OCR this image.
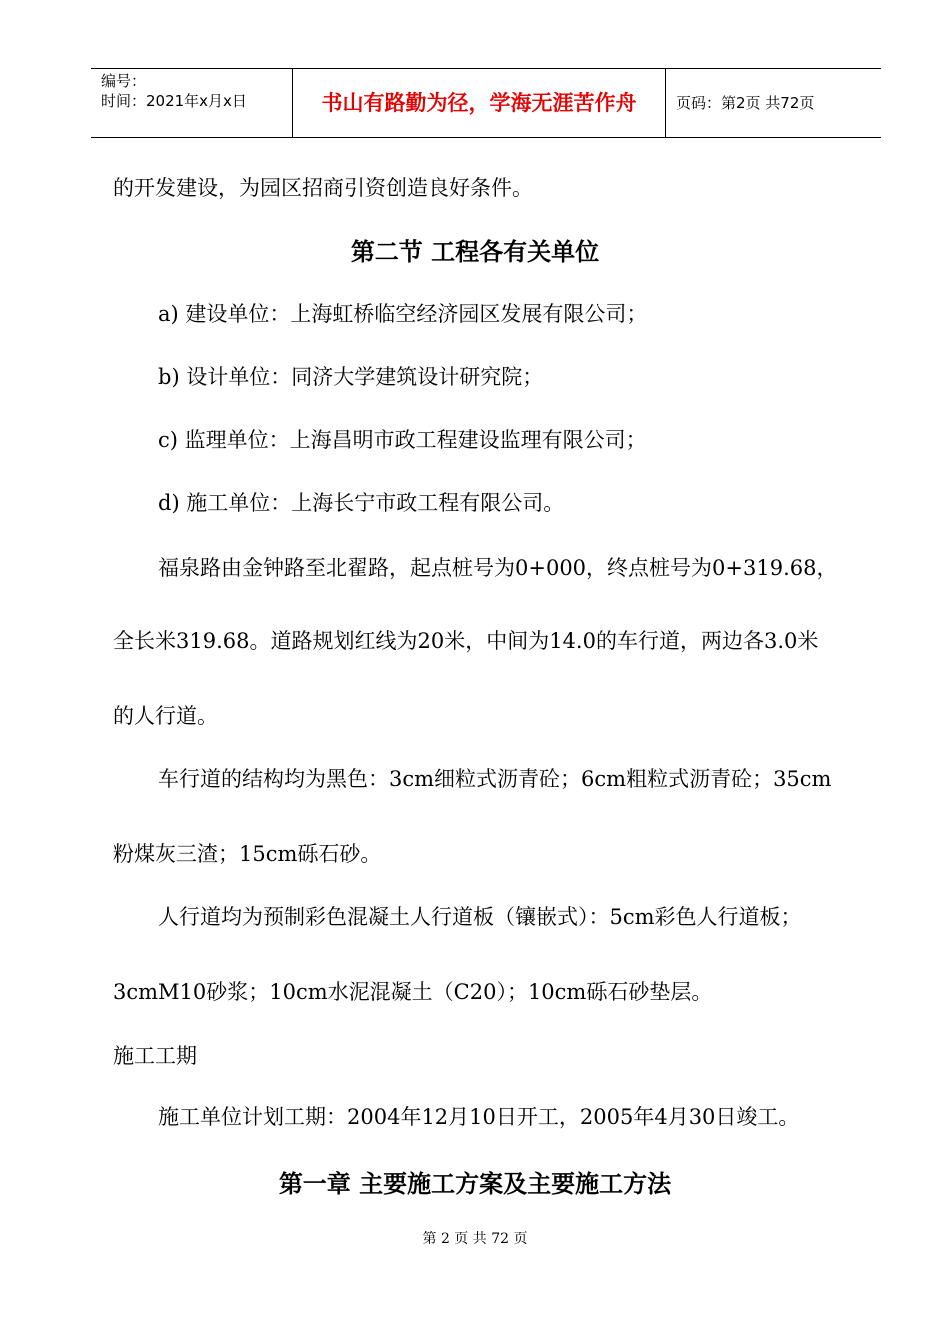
编号：
时间：2021年x月x日	书山有路勤为径，学海无涯苦作舟	页码：第2页 共72页
的开发建设，为园区招商引资创造良好条件。
第二节 工程各有关单位
a) 建设单位：上海虹桥临空经济园区发展有限公司；
b) 设计单位：同济大学建筑设计研究院；
c) 监理单位：上海昌明市政工程建设监理有限公司；
d) 施工单位：上海长宁市政工程有限公司。
福泉路由金钟路至北翟路，起点桩号为0+000，终点桩号为0+319.68，
全长米319.68。道路规划红线为20米，中间为14.0的车行道，两边各3.0米
的人行道。
车行道的结构均为黑色：3cm细粒式沥青砼；6cm粗粒式沥青砼；35cm
粉煤灰三渣；15cm砾石砂。
人行道均为预制彩色混凝土人行道板（镶嵌式）：5cm彩色人行道板；
3cmM10砂浆；10cm水泥混凝土（C20）；10cm砾石砂垫层。
施工工期
施工单位计划工期：2004年12月10日开工，2005年4月30日竣工。
第一章 主要施工方案及主要施工方法
第 2 页 共 72 页
